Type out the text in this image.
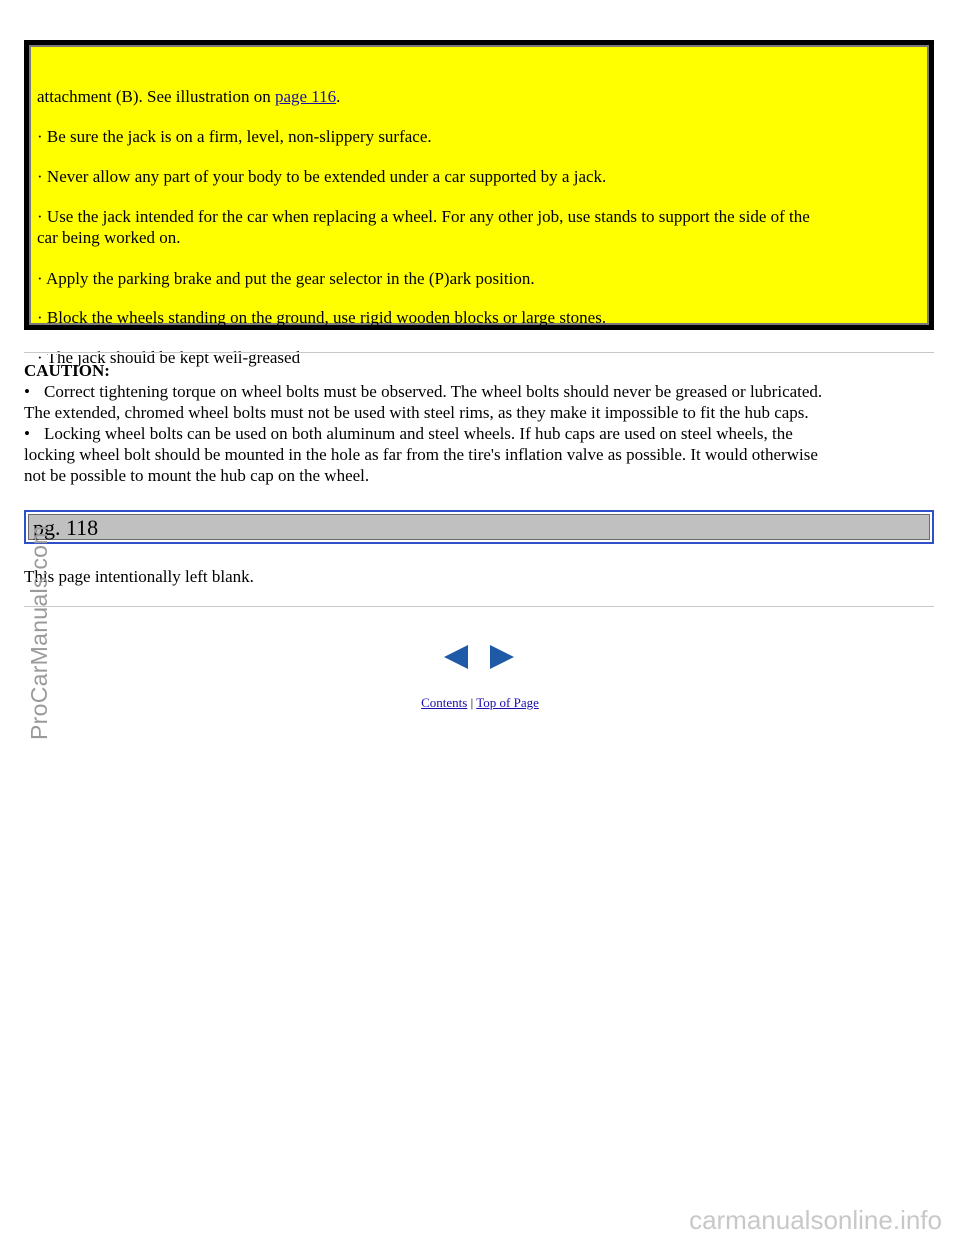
attachment (B). See illustration on page 116.
· Be sure the jack is on a firm, level, non-slippery surface.
· Never allow any part of your body to be extended under a car supported by a jack.
· Use the jack intended for the car when replacing a wheel. For any other job, use stands to support the side of the
car being worked on.
· Apply the parking brake and put the gear selector in the (P)ark position.
· Block the wheels standing on the ground, use rigid wooden blocks or large stones.
· The jack should be kept well-greased
CAUTION:

• Correct tightening torque on wheel bolts must be observed. The wheel bolts should never be greased or lubricated.
The extended, chromed wheel bolts must not be used with steel rims, as they make it impossible to fit the hub caps.

• Locking wheel bolts can be used on both aluminum and steel wheels. If hub caps are used on steel wheels, the
locking wheel bolt should be mounted in the hole as far from the tire's inflation valve as possible. It would otherwise
not be possible to mount the hub cap on the wheel.

pg. 118
This page intentionally left blank.
Contents | Top of Page
ProCarManuals.com
carmanualsonline.info
